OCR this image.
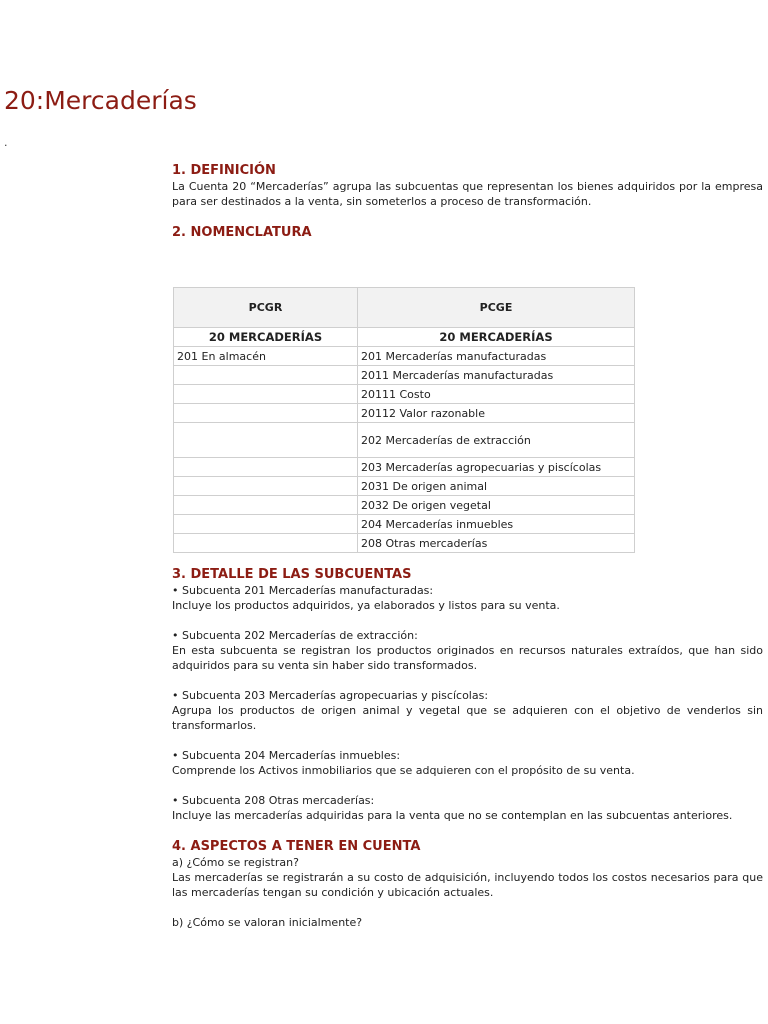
20:Mercaderías
.
1. DEFINICIÓN

La Cuenta 20 “Mercaderías” agrupa las subcuentas que representan los bienes adquiridos por la empresa para ser destinados a la venta, sin someterlos a proceso de transformación.

2. NOMENCLATURA
PCGR	PCGE
20 MERCADERÍAS	20 MERCADERÍAS
201 En almacén	201 Mercaderías manufacturadas
	2011 Mercaderías manufacturadas
	20111 Costo
	20112 Valor razonable
	202 Mercaderías de extracción
	203 Mercaderías agropecuarias y piscícolas
	2031 De origen animal
	2032 De origen vegetal
	204 Mercaderías inmuebles
	208 Otras mercaderías
3. DETALLE DE LAS SUBCUENTAS

• Subcuenta 201 Mercaderías manufacturadas:

Incluye los productos adquiridos, ya elaborados y listos para su venta.

• Subcuenta 202 Mercaderías de extracción:

En esta subcuenta se registran los productos originados en recursos naturales extraídos, que han sido adquiridos para su venta sin haber sido transformados.

• Subcuenta 203 Mercaderías agropecuarias y piscícolas:

Agrupa los productos de origen animal y vegetal que se adquieren con el objetivo de venderlos sin transformarlos.

• Subcuenta 204 Mercaderías inmuebles:

Comprende los Activos inmobiliarios que se adquieren con el propósito de su venta.

• Subcuenta 208 Otras mercaderías:

Incluye las mercaderías adquiridas para la venta que no se contemplan en las subcuentas anteriores.

4. ASPECTOS A TENER EN CUENTA

a) ¿Cómo se registran?

Las mercaderías se registrarán a su costo de adquisición, incluyendo todos los costos necesarios para que las mercaderías tengan su condición y ubicación actuales.

b) ¿Cómo se valoran inicialmente?
